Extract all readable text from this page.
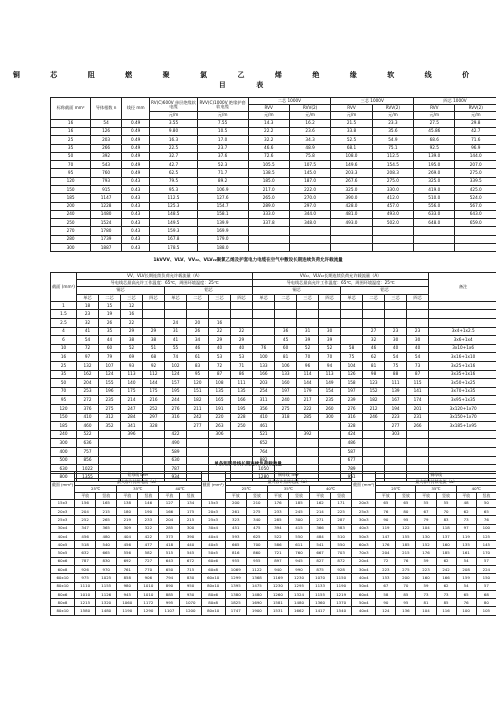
铜 芯 阻 燃 聚 氯 乙 烯 绝 缘 软 线 价 目 表
标称截面 mm²	导体根数 n	线径 mm	RV(C)600V 单层绝缘软电缆	RVV(C)1000V 绝缘护套软电缆	二芯 1000V		三芯 1000V		四芯 1000V	
					RVV	RVV(2)	RVV	RVV(2)	RVV	RVV(2)
			元/m	元/m	元/m	元/m	元/m	元/m	元/m	元/m
16	54	0.49	3.55	7.55	14.3	16.2	21.5	23.3	27.5	29.8
16	126	0.49	9.80	10.5	22.2	23.6	33.8	35.6	45.86	42.7
25	203	0.49	16.3	17.0	32.2	34.3	52.5	54.9	68.6	71.6
35	266	0.49	22.5	23.7	46.6	48.9	68.1	75.1	92.5	96.9
50	392	0.49	32.7	37.6	72.6	75.8	108.0	112.5	139.0	144.0
70	543	0.49	42.7	52.3	105.5	107.5	149.6	154.5	195.0	207.0
95	760	0.49	62.5	71.7	138.5	145.0	203.3	208.3	269.0	275.0
120	793	0.43	79.5	89.2	185.0	187.0	267.6	275.0	325.0	339.5
150	915	0.43	95.3	106.9	217.0	222.0	325.0	330.0	419.0	425.0
185	1147	0.43	112.5	127.6	265.0	270.0	390.0	412.0	510.0	524.0
200	1228	0.43	125.3	154.7	289.0	297.0	428.0	457.0	556.0	567.0
240	1480	0.43	148.5	158.1	333.0	344.0	481.0	493.0	633.0	643.0
250	1524	0.43	149.5	139.9	337.8	348.0	493.0	502.0	648.0	659.0
270	1780	0.43	159.3	169.9						
280	1739	0.43	167.8	179.0						
300	1887	0.43	178.5	188.0						
1kVVV、VLV、VV₂₂、VLV₂₂聚氯乙烯及护套电力电缆在空气中敷设长期连续负荷允许载流量
截面 (mm²)	VV、VLV长期连续负荷允许载流量（A）								VV₂₂、VLV₂₂长期连续负荷允许载流量（A）								备注
	导电线芯最高允许工作温度：65℃，周围环境温度：25℃								导电线芯最高允许工作温度：65℃，周围环境温度：25℃								
	铜芯				铝芯				铜芯				铝芯				
	单芯	二芯	三芯	四芯	单芯	二芯	三芯	四芯	单芯	二芯	三芯	四芯	单芯	二芯	三芯	四芯	
1	18	15	12														
1.5	23	19	16														
2.5	32	26	22		24	20	16										
4	41	35	29	29	31	26	22	22		36	31	30		27	23	23	3x4+1x2.5
6	54	44	38	38	41	34	29	29		45	39	39		32	30	30	3x6+1x4
10	72	60	52	51	55	46	40	40	76	60	52	52	58	46	40	40	3x10+1x6
16	97	79	69	68	74	61	53	53	100	81	70	70	75	62	54	54	3x16+1x10
25	132	107	93	92	102	83	72	71	133	106	96	94	104	81	75	73	3x25+1x16
35	162	124	113	112	124	95	87	86	166	133	114	113	126	98	88	87	3x35+1x16
50	204	155	140	144	157	120	108	111	203	160	144	149	158	123	111	115	3x50+1x25
70	253	196	175	175	195	151	135	135	254	197	179	154	197	152	139	141	3x70+1x35
95	272	235	214	216	244	182	165	166	311	240	217	235	239	182	167	174	3x95+1x35
120	376	275	247	252	276	211	191	195	356	275	222	260	276	212	194	201	3x120+1x70
150	410	312	284	297	316	242	220	228	410	318	285	300	316	246	223	231	3x150+1x70
185	460	352	341	328		277	263	250	461				328		277	266	3x185+1x95
240	522		396		422		306		521		392		424		303		
300	636				490				652				486				
400	757				589				764				587				
500	856				630				882				677				
630	1022				787				1050				789				
800	1355				934				1280				951				
单条矩形母线长期连续负荷载流量
截面 (mm²)	铝母线 LMY						截面 (mm²)	铜母线 TMY						截面 (mm²)	铜母线					
	最大容许持续电流（A）							最大容许持续电流（A）							最大容许持续电流（A）					
	25℃		35℃		40℃			25℃		35℃		40℃			25℃		35℃		40℃	
	平放	竖放	平放	竖放	平放	竖放		平放	竖放	平放	竖放	平放	竖放		平放	竖放	平放	竖放	平放	竖放
15x3	156	165	138	146	127	134	15x3	200	210	176	185	162	171	20x3	65	65	55	55	48	50
20x3	204	215	180	190	166	175	20x3	261	275	233	245	214	225	25x3	76	80	67	70	62	65
25x3	252	265	219	233	204	215	25x3	323	340	285	300	271	287	30x3	90	95	79	83	73	76
30x4	347	365	309	322	285	300	30x4	451	475	394	415	366	383	40x3	119	122	104	118	97	100
40x4	456	480	404	422	373	390	40x4	593	625	522	550	484	510	50x3	147	155	130	137	119	125
40x5	518	540	456	477	418	440	40x5	665	700	586	611	541	550	60x3	176	185	152	160	135	145
50x5	632	665	556	582	515	545	50x5	816	860	721	760	667	703	70x3	204	215	176	185	161	170
60x6	787	830	692	727	643	672	60x6	955	955	897	945	827	872	20x4	72	76	59	62	54	57
60x8	926	970	761	770	650	715	60x8	1069	1122	940	990	875	928	30x4	223	275	223	242	208	224
60x10	975	1025	858	906	794	830	60x10	1299	1368	1169	1230	1070	1150	40x4	153	200	160	166	159	150
80x10	1110	1155	980	1010	890	950	80x10	1395	1475	1230	1295	1133	1190	50x4	67	70	59	62	54	57
80x6	1010	1126	945	1010	885	930	80x6	1380	1480	1260	1324	1155	1219	60x4	58	85	73	73	65	68
80x8	1215	1320	1060	1172	995	1070	80x8	1825	1690	1581	1480	1360	1370	50x4	90	95	81	85	76	80
80x10	1580	1480	1190	1290	1107	1200	80x10	1747	1900	1531	1662	1417	1540	40x4	124	136	104	116	100	105
